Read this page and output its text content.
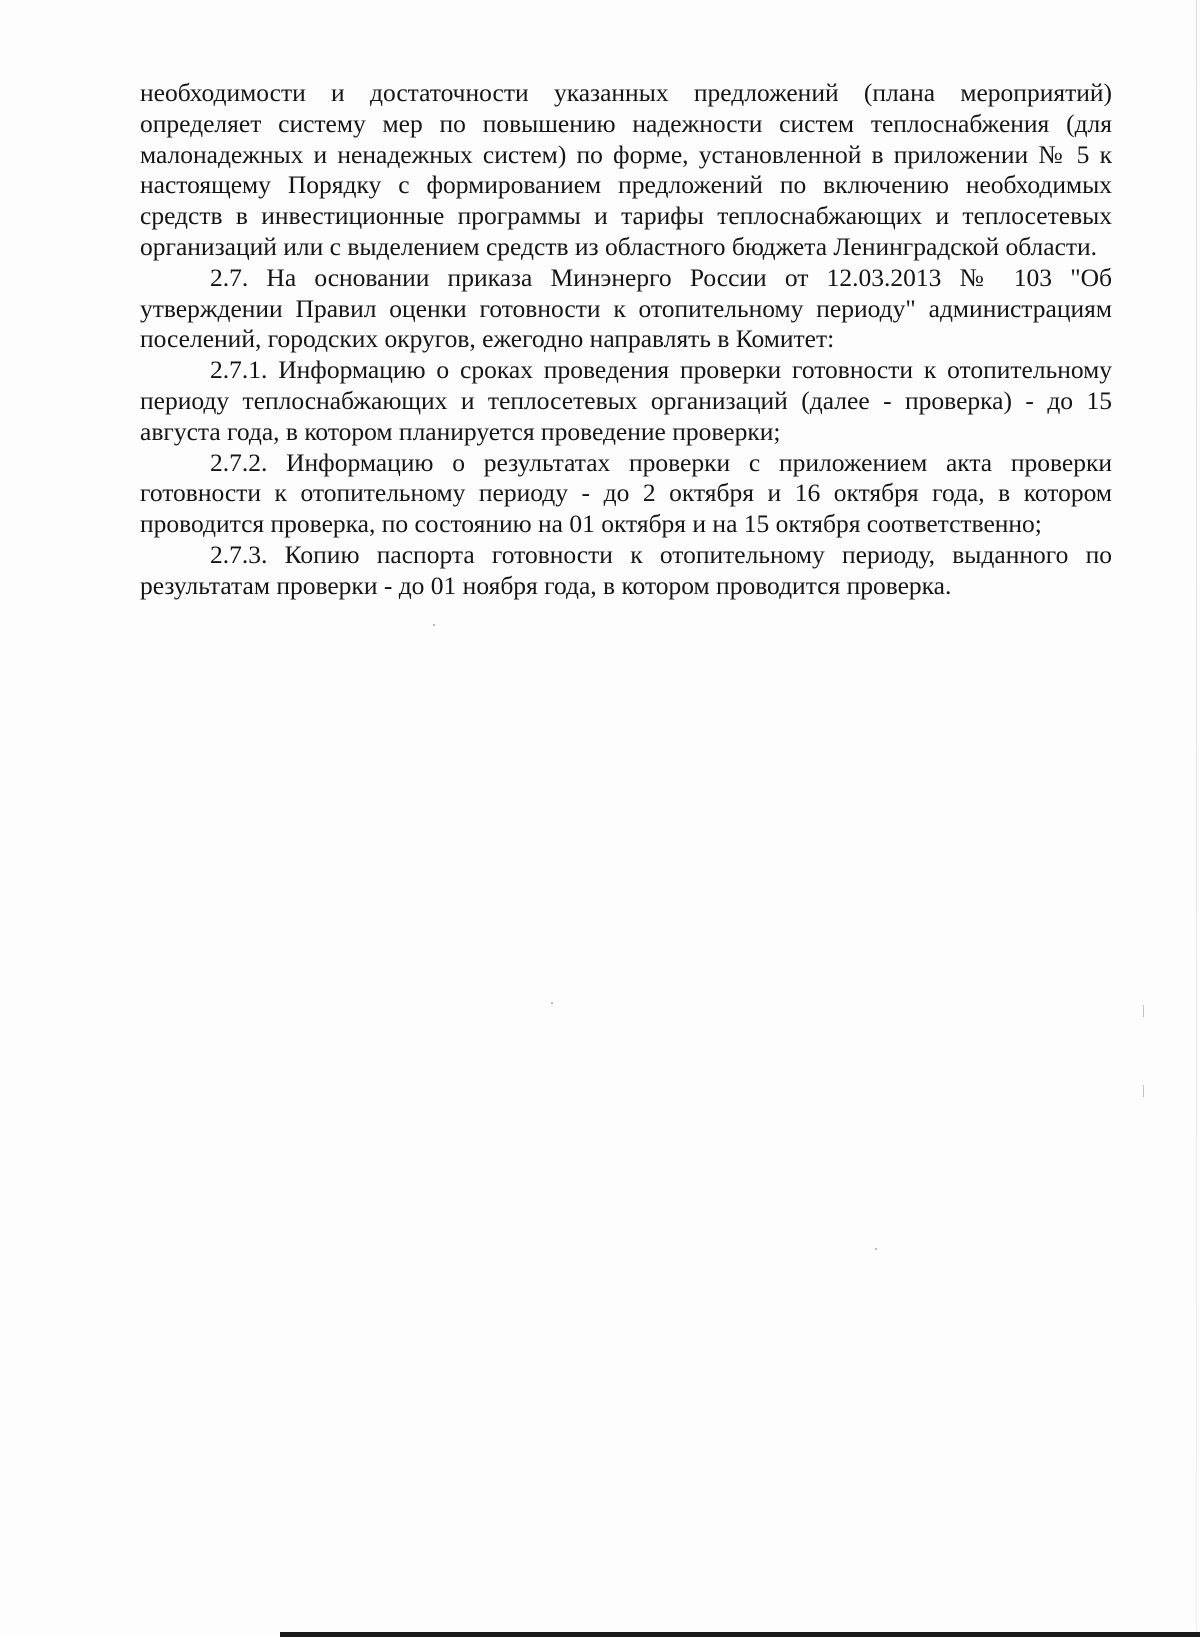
необходимости и достаточности указанных предложений (плана мероприятий) определяет систему мер по повышению надежности систем теплоснабжения (для малонадежных и ненадежных систем) по форме, установленной в приложении № 5 к настоящему Порядку с формированием предложений по включению необходимых средств в инвестиционные программы и тарифы теплоснабжающих и теплосетевых организаций или с выделением средств из областного бюджета Ленинградской области.

2.7. На основании приказа Минэнерго России от 12.03.2013 № 103 "Об утверждении Правил оценки готовности к отопительному периоду" администрациям поселений, городских округов, ежегодно направлять в Комитет:

2.7.1. Информацию о сроках проведения проверки готовности к отопительному периоду теплоснабжающих и теплосетевых организаций (далее - проверка) - до 15 августа года, в котором планируется проведение проверки;

2.7.2. Информацию о результатах проверки с приложением акта проверки готовности к отопительному периоду - до 2 октября и 16 октября года, в котором проводится проверка, по состоянию на 01 октября и на 15 октября соответственно;

2.7.3. Копию паспорта готовности к отопительному периоду, выданного по результатам проверки - до 01 ноября года, в котором проводится проверка.
